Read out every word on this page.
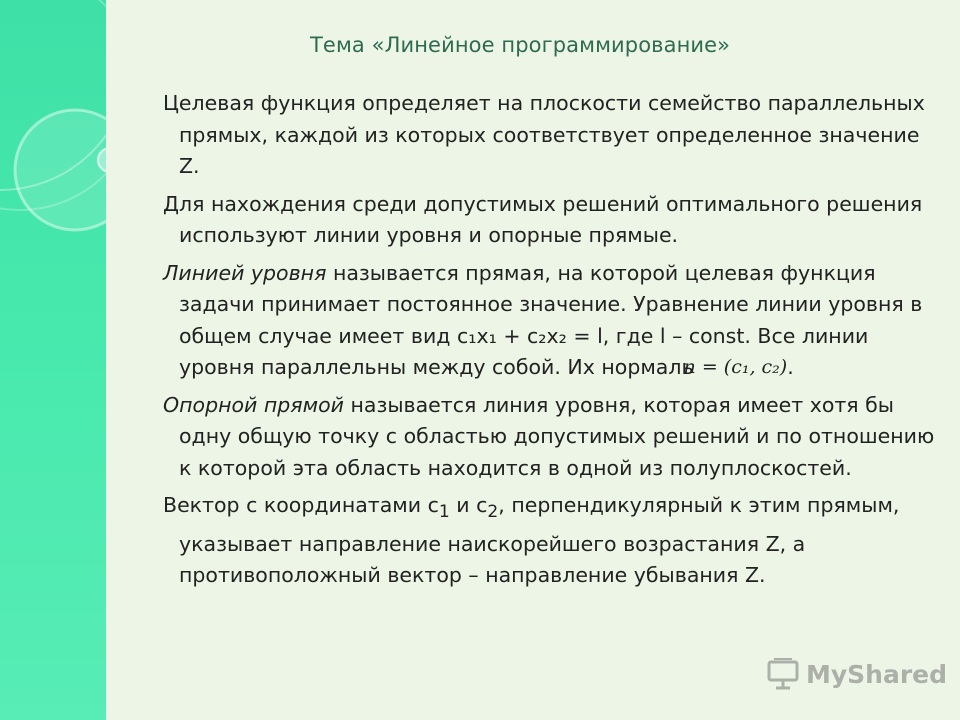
Тема «Линейное программирование»

Целевая функция определяет на плоскости семейство параллельных прямых, каждой из которых соответствует определенное значение Z.

Для нахождения среди допустимых решений оптимального решения используют линии уровня и опорные прямые.

Линией уровня называется прямая, на которой целевая функция задачи принимает постоянное значение. Уравнение линии уровня в общем случае имеет вид c₁x₁ + c₂x₂ = l, где l – const. Все линии уровня параллельны между собой. Их нормальn = (c₁, c₂).

Опорной прямой называется линия уровня, которая имеет хотя бы одну общую точку с областью допустимых решений и по отношению к которой эта область находится в одной из полуплоскостей.

Вектор с координатами $с_1$ и $с_2$, перпендикулярный к этим прямым, указывает направление наискорейшего возрастания Z, а противоположный вектор – направление убывания Z.

MyShared
